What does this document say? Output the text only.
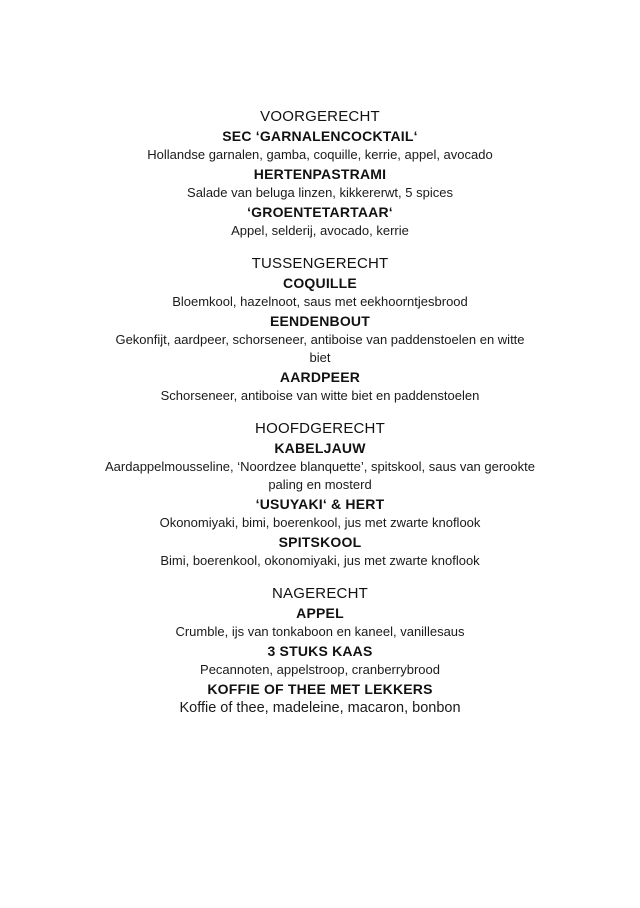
VOORGERECHT

SEC ‘GARNALENCOCKTAIL‘

Hollandse garnalen, gamba, coquille, kerrie, appel, avocado

HERTENPASTRAMI

Salade van beluga linzen, kikkererwt, 5 spices

‘GROENTETARTAAR‘

Appel, selderij, avocado, kerrie

TUSSENGERECHT

COQUILLE

Bloemkool, hazelnoot, saus met eekhoorntjesbrood

EENDENBOUT

Gekonfijt, aardpeer, schorseneer, antiboise van paddenstoelen en witte biet

AARDPEER

Schorseneer, antiboise van witte biet en paddenstoelen

HOOFDGERECHT

KABELJAUW

Aardappelmousseline, ‘Noordzee blanquette’, spitskool, saus van gerookte paling en mosterd

‘USUYAKI‘ & HERT

Okonomiyaki, bimi, boerenkool, jus met zwarte knoflook

SPITSKOOL

Bimi, boerenkool, okonomiyaki, jus met zwarte knoflook

NAGERECHT

APPEL

Crumble, ijs van tonkaboon en kaneel, vanillesaus

3 STUKS KAAS

Pecannoten, appelstroop, cranberrybrood

KOFFIE OF THEE MET LEKKERS

Koffie of thee, madeleine, macaron, bonbon
